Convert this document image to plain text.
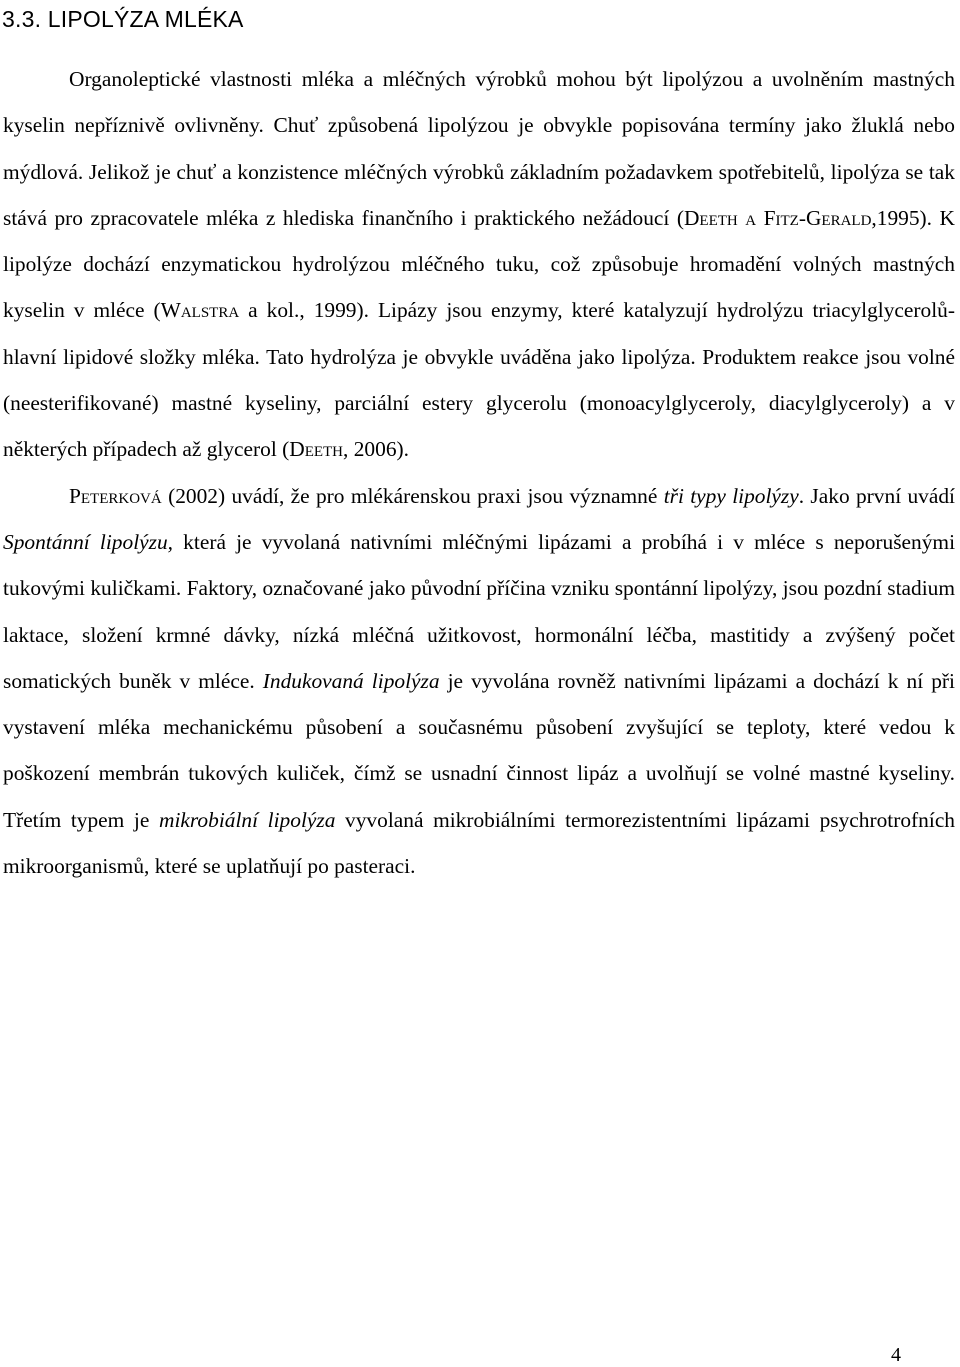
3.3. LIPOLÝZA MLÉKA

Organoleptické vlastnosti mléka a mléčných výrobků mohou být lipolýzou a uvolněním mastných kyselin nepříznivě ovlivněny. Chuť způsobená lipolýzou je obvykle popisována termíny jako žluklá nebo mýdlová. Jelikož je chuť a konzistence mléčných výrobků základním požadavkem spotřebitelů, lipolýza se tak stává pro zpracovatele mléka z hlediska finančního i praktického nežádoucí (Deeth a Fitz-Gerald,1995). K lipolýze dochází enzymatickou hydrolýzou mléčného tuku, což způsobuje hromadění volných mastných kyselin v mléce (Walstra a kol., 1999). Lipázy jsou enzymy, které katalyzují hydrolýzu triacylglycerolů- hlavní lipidové složky mléka. Tato hydrolýza je obvykle uváděna jako lipolýza. Produktem reakce jsou volné (neesterifikované) mastné kyseliny, parciální estery glycerolu (monoacylglyceroly, diacylglyceroly) a v některých případech až glycerol (Deeth, 2006).

Peterková (2002) uvádí, že pro mlékárenskou praxi jsou významné tři typy lipolýzy. Jako první uvádí Spontánní lipolýzu, která je vyvolaná nativními mléčnými lipázami a probíhá i v mléce s neporušenými tukovými kuličkami. Faktory, označované jako původní příčina vzniku spontánní lipolýzy, jsou pozdní stadium laktace, složení krmné dávky, nízká mléčná užitkovost, hormonální léčba, mastitidy a zvýšený počet somatických buněk v mléce. Indukovaná lipolýza je vyvolána rovněž nativními lipázami a dochází k ní při vystavení mléka mechanickému působení a současnému působení zvyšující se teploty, které vedou k poškození membrán tukových kuliček, čímž se usnadní činnost lipáz a uvolňují se volné mastné kyseliny. Třetím typem je mikrobiální lipolýza vyvolaná mikrobiálními termorezistentními lipázami psychrotrofních mikroorganismů, které se uplatňují po pasteraci.

4
